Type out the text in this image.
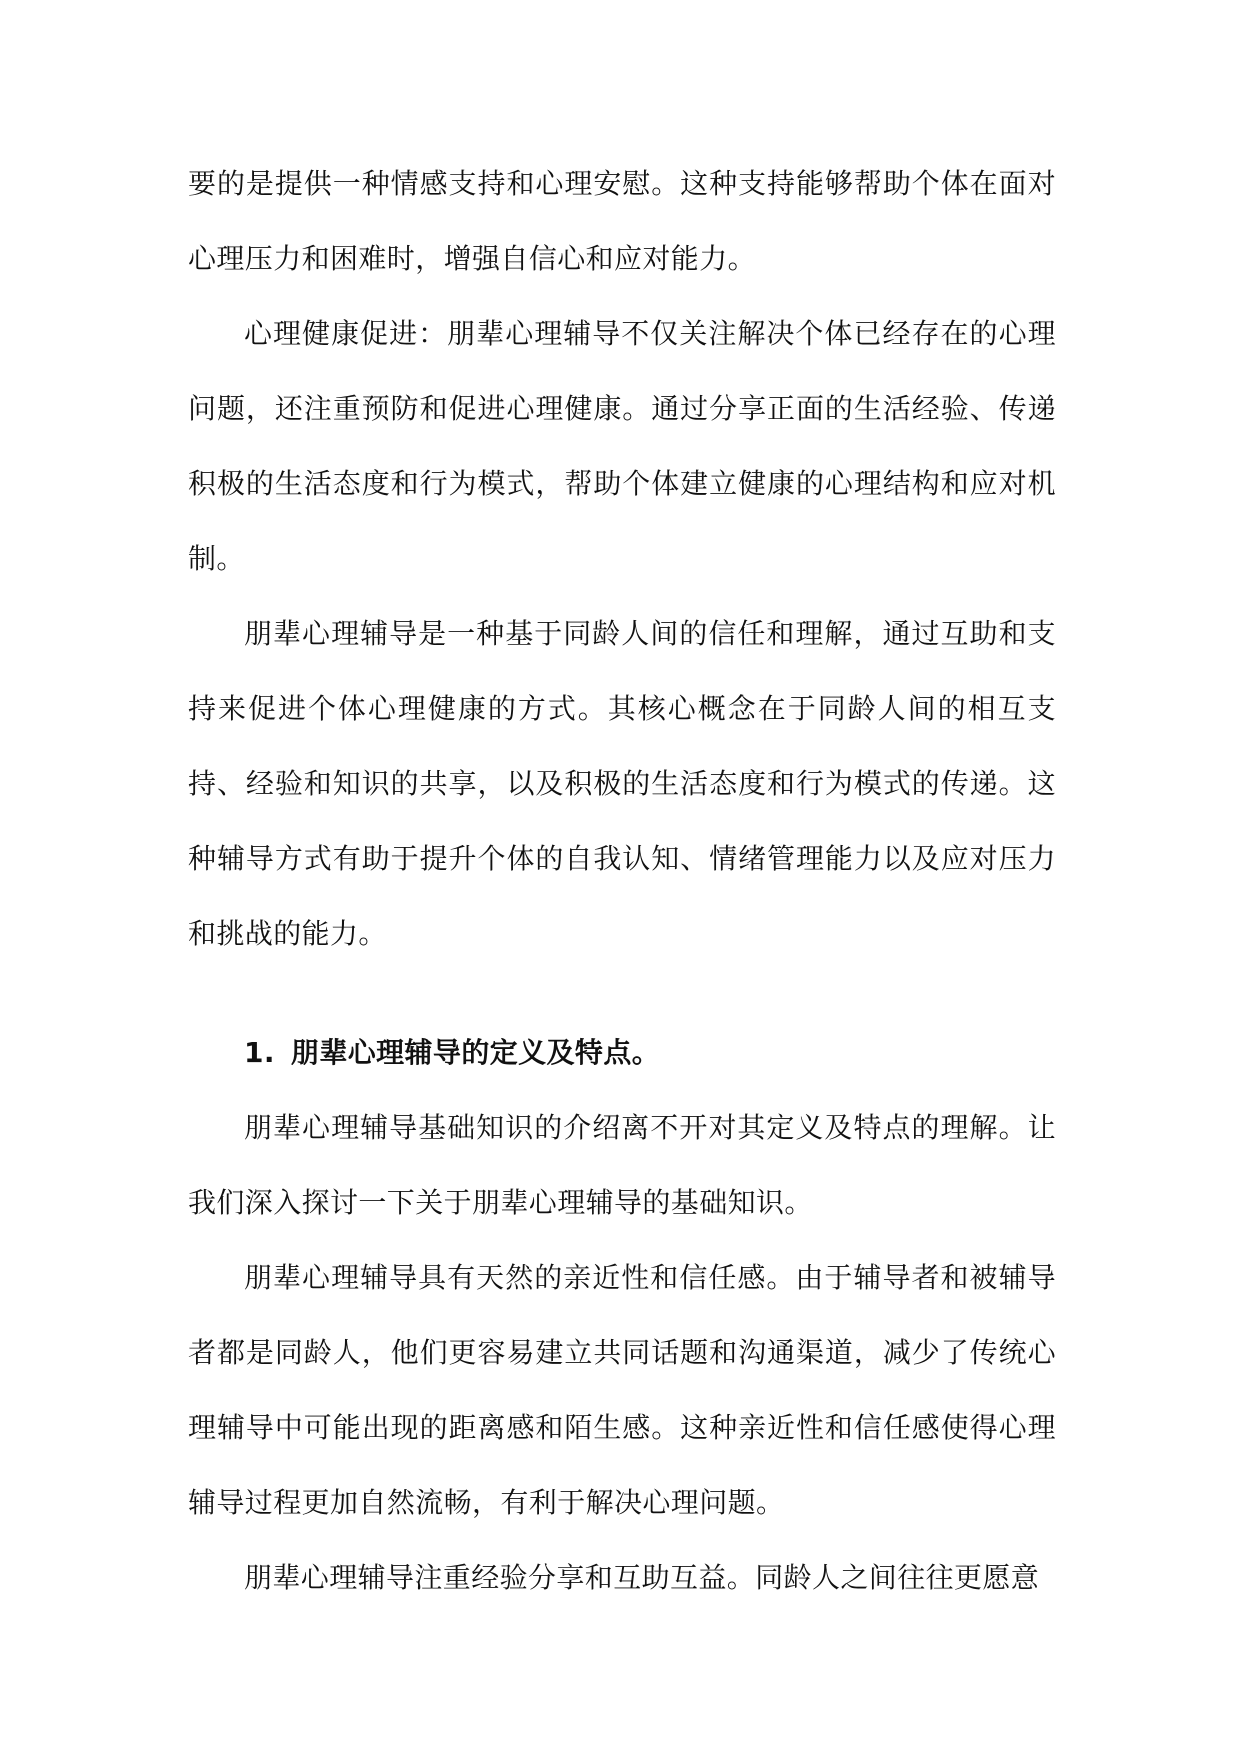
要的是提供一种情感支持和心理安慰。这种支持能够帮助个体在面对心理压力和困难时，增强自信心和应对能力。

心理健康促进：朋辈心理辅导不仅关注解决个体已经存在的心理问题，还注重预防和促进心理健康。通过分享正面的生活经验、传递积极的生活态度和行为模式，帮助个体建立健康的心理结构和应对机制。

朋辈心理辅导是一种基于同龄人间的信任和理解，通过互助和支持来促进个体心理健康的方式。其核心概念在于同龄人间的相互支持、经验和知识的共享，以及积极的生活态度和行为模式的传递。这种辅导方式有助于提升个体的自我认知、情绪管理能力以及应对压力和挑战的能力。

1. 朋辈心理辅导的定义及特点。

朋辈心理辅导基础知识的介绍离不开对其定义及特点的理解。让我们深入探讨一下关于朋辈心理辅导的基础知识。

朋辈心理辅导具有天然的亲近性和信任感。由于辅导者和被辅导者都是同龄人，他们更容易建立共同话题和沟通渠道，减少了传统心理辅导中可能出现的距离感和陌生感。这种亲近性和信任感使得心理辅导过程更加自然流畅，有利于解决心理问题。

朋辈心理辅导注重经验分享和互助互益。同龄人之间往往更愿意
